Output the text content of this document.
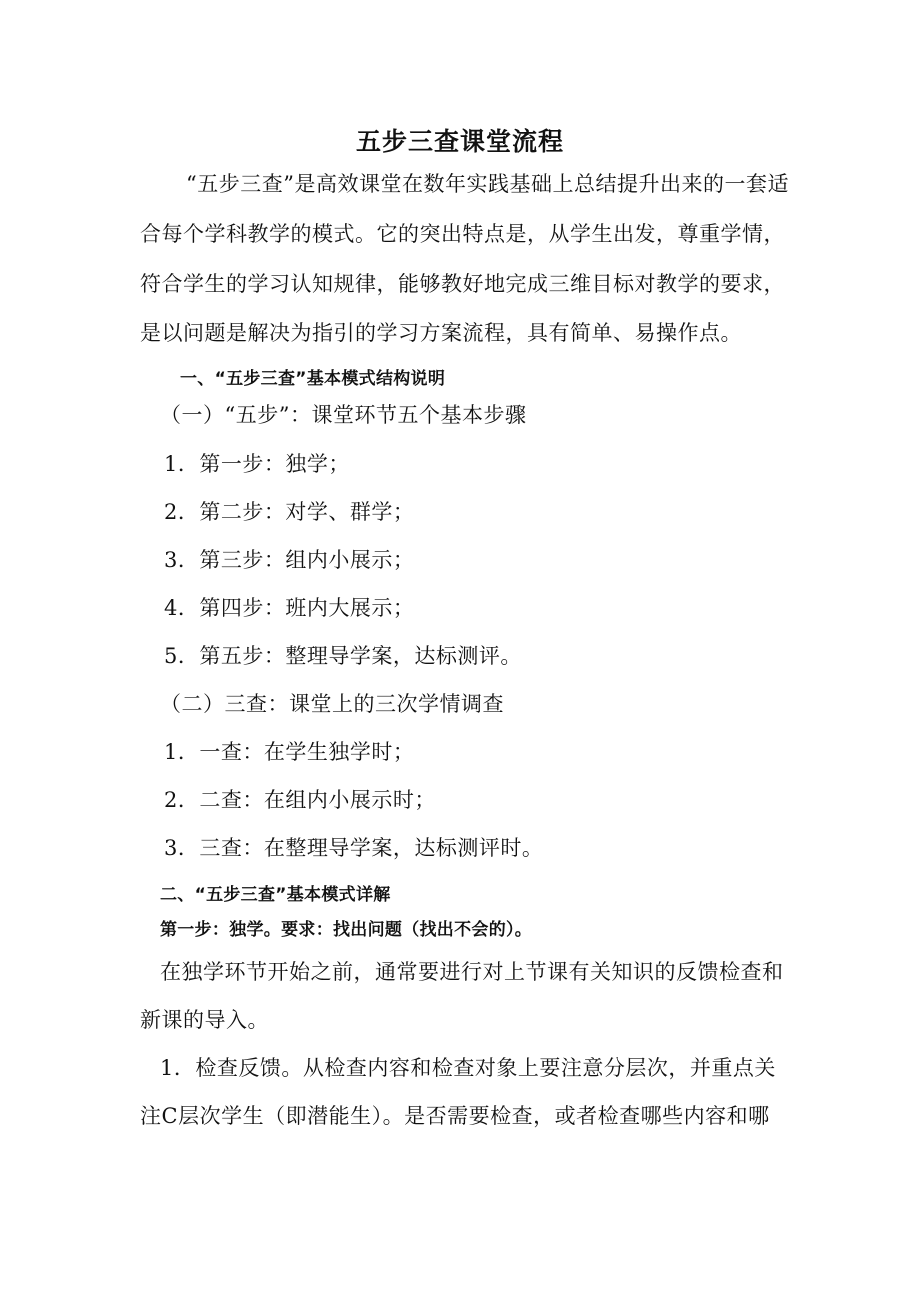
五步三查课堂流程
“五步三查”是高效课堂在数年实践基础上总结提升出来的一套适
合每个学科教学的模式。它的突出特点是，从学生出发，尊重学情，
符合学生的学习认知规律，能够教好地完成三维目标对教学的要求，
是以问题是解决为指引的学习方案流程，具有简单、易操作点。
一、“五步三查”基本模式结构说明
（一）“五步”：课堂环节五个基本步骤
1．第一步：独学；
2．第二步：对学、群学；
3．第三步：组内小展示；
4．第四步：班内大展示；
5．第五步：整理导学案，达标测评。
（二）三查：课堂上的三次学情调查
1．一查：在学生独学时；
2．二查：在组内小展示时；
3．三查：在整理导学案，达标测评时。
二、“五步三查”基本模式详解
第一步：独学。要求：找出问题（找出不会的）。
在独学环节开始之前，通常要进行对上节课有关知识的反馈检查和
新课的导入。
1．检查反馈。从检查内容和检查对象上要注意分层次，并重点关
注C层次学生（即潜能生）。是否需要检查，或者检查哪些内容和哪
